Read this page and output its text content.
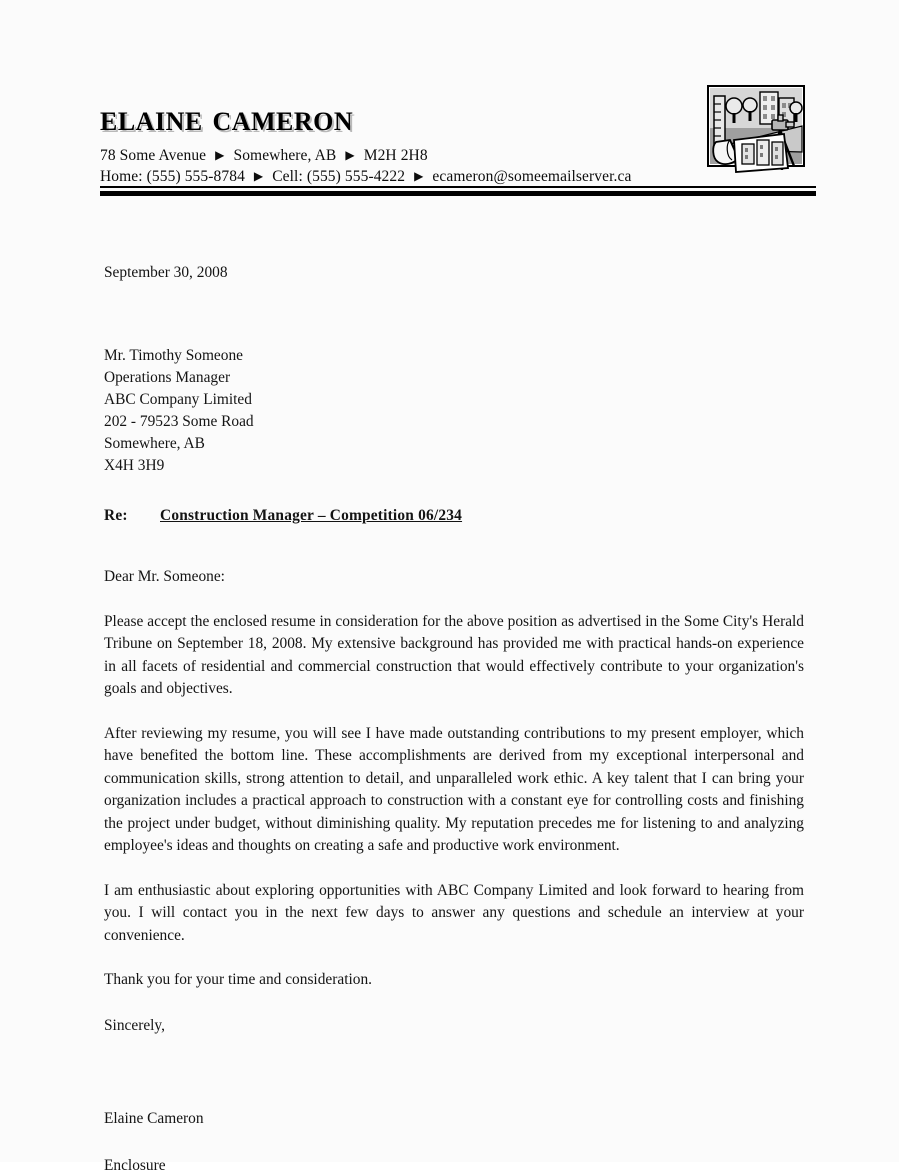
elaine cameron
78 Some Avenue ▶ Somewhere, AB ▶ M2H 2H8
Home: (555) 555-8784 ▶ Cell: (555) 555-4222 ▶ ecameron@someemailserver.ca
September 30, 2008
Mr. Timothy Someone
Operations Manager
ABC Company Limited
202 - 79523 Some Road
Somewhere, AB
X4H 3H9
Re: Construction Manager – Competition 06/234
Dear Mr. Someone:

Please accept the enclosed resume in consideration for the above position as advertised in the Some City's Herald Tribune on September 18, 2008. My extensive background has provided me with practical hands-on experience in all facets of residential and commercial construction that would effectively contribute to your organization's goals and objectives.

After reviewing my resume, you will see I have made outstanding contributions to my present employer, which have benefited the bottom line. These accomplishments are derived from my exceptional interpersonal and communication skills, strong attention to detail, and unparalleled work ethic. A key talent that I can bring your organization includes a practical approach to construction with a constant eye for controlling costs and finishing the project under budget, without diminishing quality. My reputation precedes me for listening to and analyzing employee's ideas and thoughts on creating a safe and productive work environment.

I am enthusiastic about exploring opportunities with ABC Company Limited and look forward to hearing from you. I will contact you in the next few days to answer any questions and schedule an interview at your convenience.

Thank you for your time and consideration.
Sincerely,
Elaine Cameron
Enclosure
